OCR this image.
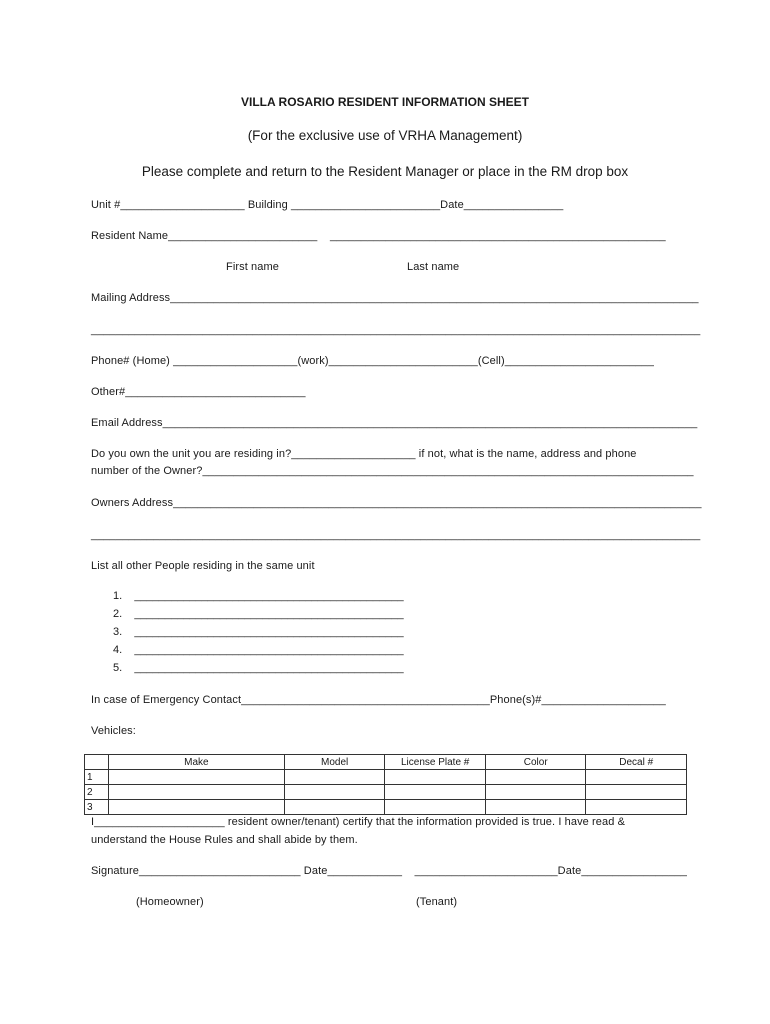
VILLA ROSARIO RESIDENT INFORMATION SHEET
(For the exclusive use of VRHA Management)
Please complete and return to the Resident Manager or place in the RM drop box
Unit #____________________ Building ________________________Date________________
Resident Name________________________    ______________________________________________________
First name	Last name
Mailing Address_____________________________________________________________________________________
__________________________________________________________________________________________________
Phone# (Home) ____________________(work)________________________(Cell)________________________
Other#_____________________________
Email Address______________________________________________________________________________________
Do you own the unit you are residing in?____________________ if not, what is the name, address and phone
number of the Owner?_______________________________________________________________________________
Owners Address_____________________________________________________________________________________
__________________________________________________________________________________________________
List all other People residing in the same unit
1.    ____________________________________________
2.    ____________________________________________
3.    ____________________________________________
4.    ____________________________________________
5.    ____________________________________________
In case of Emergency Contact________________________________________Phone(s)#____________________
Vehicles:
	Make	Model	License Plate #	Color	Decal #
1					
2					
3					
I_____________________ resident owner/tenant) certify that the information provided is true. I have read &
understand the House Rules and shall abide by them.
Signature__________________________ Date____________    _______________________Date_________________
(Homeowner)	(Tenant)
